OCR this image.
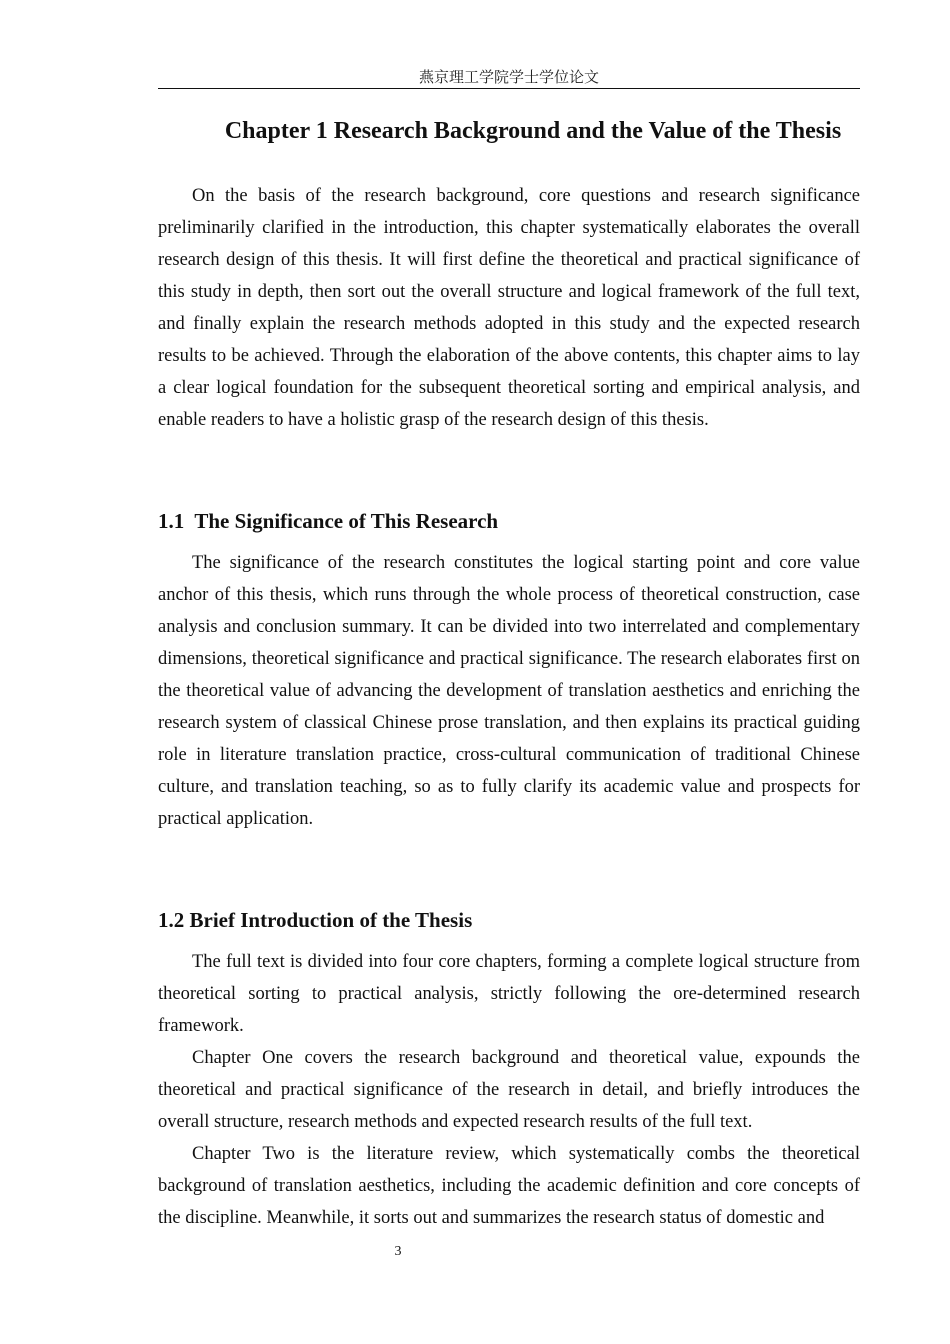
燕京理工学院学士学位论文
Chapter 1 Research Background and the Value of the Thesis

On the basis of the research background, core questions and research significance preliminarily clarified in the introduction, this chapter systematically elaborates the overall research design of this thesis. It will first define the theoretical and practical significance of this study in depth, then sort out the overall structure and logical framework of the full text, and finally explain the research methods adopted in this study and the expected research results to be achieved. Through the elaboration of the above contents, this chapter aims to lay a clear logical foundation for the subsequent theoretical sorting and empirical analysis, and enable readers to have a holistic grasp of the research design of this thesis.

1.1  The Significance of This Research

The significance of the research constitutes the logical starting point and core value anchor of this thesis, which runs through the whole process of theoretical construction, case analysis and conclusion summary. It can be divided into two interrelated and complementary dimensions, theoretical significance and practical significance. The research elaborates first on the theoretical value of advancing the development of translation aesthetics and enriching the research system of classical Chinese prose translation, and then explains its practical guiding role in literature translation practice, cross-cultural communication of traditional Chinese culture, and translation teaching, so as to fully clarify its academic value and prospects for practical application.

1.2 Brief Introduction of the Thesis

The full text is divided into four core chapters, forming a complete logical structure from theoretical sorting to practical analysis, strictly following the ore-determined research framework.

Chapter One covers the research background and theoretical value, expounds the theoretical and practical significance of the research in detail, and briefly introduces the overall structure, research methods and expected research results of the full text.

Chapter Two is the literature review, which systematically combs the theoretical background of translation aesthetics, including the academic definition and core concepts of the discipline. Meanwhile, it sorts out and summarizes the research status of domestic and

3
